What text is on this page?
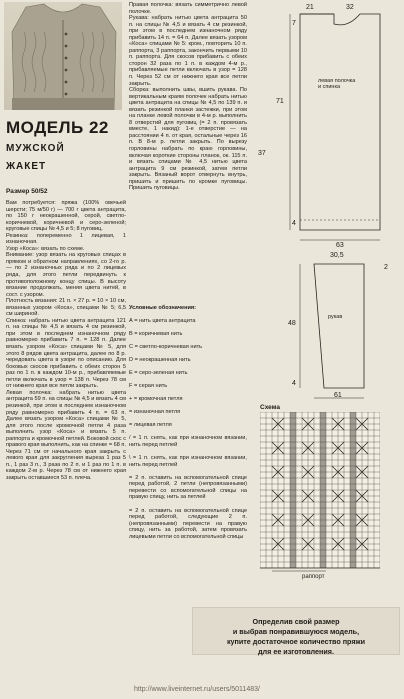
МОДЕЛЬ 22
МУЖСКОЙ
ЖАКЕТ
Размер 50/52
Вам потребуется: пряжа (100% овечьей шерсти; 75 м/50 г) — 700 г цвета антрацита, по 150 г неокрашенной, серой, светло-коричневой, коричневой и серо-зеленой; круговые спицы № 4,5 и 5; 8 пуговиц.
Резинка: попеременно 1 лицевая, 1 изнаночная.
Узор «Коса»: вязать по схеме.
Внимание: узор вязать на круговых спицах в прямом и обратном направлениях, со 2-го р. — по 2 изнаночных ряда и по 2 лицевых ряда, для этого петли передвинуть к противоположному концу спицы. В высоту вязание продолжать, меняя цвета нитей, в сост. с узором.
Плотность вязания: 21 п. × 27 р. = 10 × 10 см, вязанных узором «Коса», спицами № 5; 6,5 см шириной.
Спинка: набрать нитью цвета антрацита 121 п. на спицы № 4,5 и вязать 4 см резинкой, при этом в последнем изнаночном ряду равномерно прибавить 7 п. = 128 п. Далее вязать узором «Коса» спицами № 5, для этого 8 рядов цвета антрацита, далее по 8 р. чередовать цвета в узоре по описанию. Для боковых скосов прибавить с обеих сторон 5 раз по 1 п. в каждом 10-м р., прибавляемые петли включать в узор = 138 п. Через 78 см от нижнего края все петли закрыть.
Левая полочка: набрать нитью цвета антрацита 59 п. на спицы № 4,5 и вязать 4 см резинкой, при этом в последнем изнаночном ряду равномерно прибавить 4 п. = 63 п. Далее вязать узором «Коса» спицами № 5, для этого после кромочной петли 4 раза выполнить узор «Коса» и вязать 5 п. раппорта и кромочной петлей. Боковой скос с правого края выполнить, как на спинке = 68 п. Через 71 см от начального края закрыть с левого края для закругления выреза 1 раз 5 п., 1 раз 3 п., 3 раза по 2 п. и 1 раз по 1 п. в каждом 2-м р. Через 78 см от нижнего края закрыть оставшиеся 53 п. плеча.
Правая полочка: вязать симметрично левой полочке.
Рукава: набрать нитью цвета антрацита 50 п. на спицы № 4,5 и вязать 4 см резинкой, при этом в последнем изнаночном ряду прибавить 14 п. = 64 п. Далее вязать узором «Коса» спицами № 5: кром., повторить 10 п. раппорта, 3 раппорта, закончить первыми 10 п. раппорта. Для скосов прибавить с обеих сторон 32 раза по 1 п. в каждом 4-м р., прибавляемые петли включать в узор = 128 п. Через 52 см от нижнего края все петли закрыть.
Сборка: выполнить швы, вшить рукава. По вертикальным краям полочек набрать нитью цвета антрацита на спицы № 4,5 по 139 п. и вязать резинкой планки застежки, при этом на планке левой полочки в 4-м р. выполнить 8 отверстий для пуговиц (= 2 п. провязать вместе, 1 накид): 1-е отверстие — на расстоянии 4 п. от края, остальные через 16 п. В 8-м р. петли закрыть. По вырезу горловины набрать по краю горловины, включая короткие стороны планок, ок. 115 п. и вязать спицами № 4,5 нитью цвета антрацита 9 см резинкой, затем петли закрыть. Вязаный ворот отвернуть внутрь, пришить и пришить по кромке пуговицы. Пришить пуговицы.

Условные обозначения:

А = нить цвета антрацита

В = коричневая нить

С = светло-коричневая нить

D = неокрашенная нить

E = серо-зеленая нить

F = серая нить

+ = кромочная петля

= изнаночная петля

= лицевая петля

/ = 1 п. снять, как при изнаночном вязании, нить перед петлей

\ = 1 п. снять, как при изнаночном вязании, нить перед петлей

= 2 п. оставить на вспомогательной спице перед работой, 2 петли (непровязанными) перевести со вспомогательной спицы на правую спицу, нить за петлей

= 2 п. оставить на вспомогательной спице перед работой, следующие 2 п. (непровязанными) перевести на правую спицу, нить за работой, затем провязать лицевыми петли со вспомогательной спицы

левая полочка и спинка
рукав
21	32
71
7
4
63
37
2
48
4
30,5
61
Схема
раппорт
Определив свой размер
и выбрав понравившуюся модель,
купите достаточное количество пряжи
для ее изготовления.
http://www.liveinternet.ru/users/5011483/
